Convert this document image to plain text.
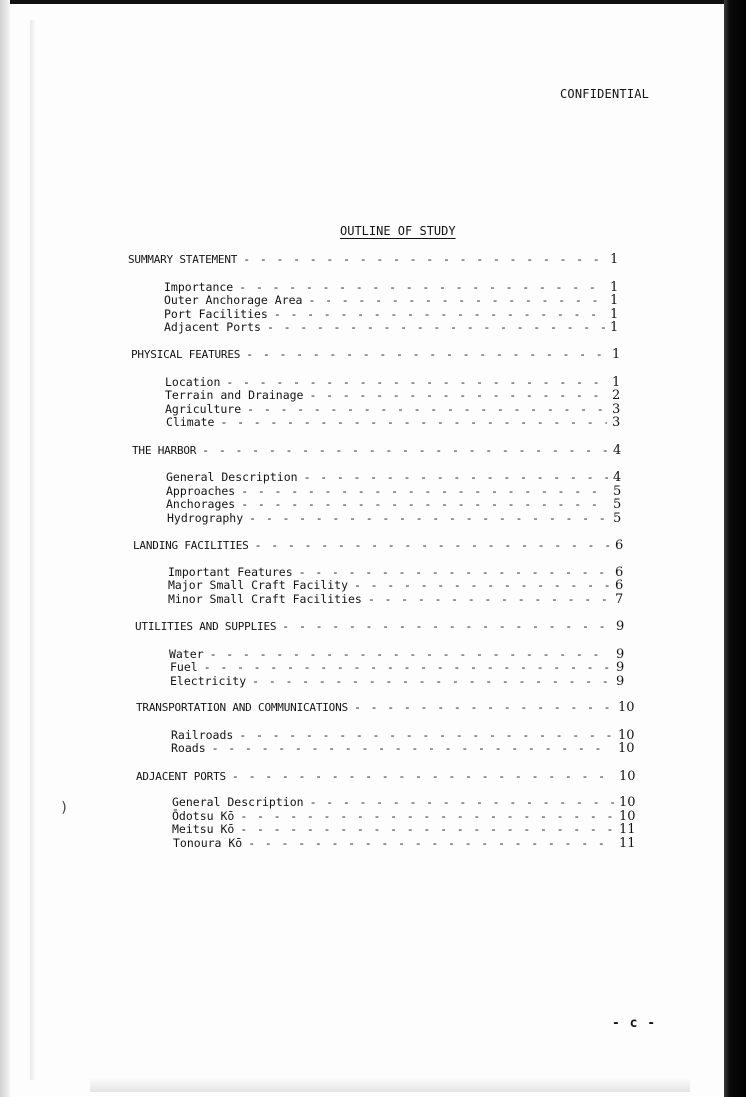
CONFIDENTIAL
OUTLINE OF STUDY
SUMMARY STATEMENT - - -	1
Importance - - -	1
Outer Anchorage Area - - -	1
Port Facilities - - -	1
Adjacent Ports - - -	1
PHYSICAL FEATURES - - -	1
Location - - -	1
Terrain and Drainage - - -	2
Agriculture - - -	3
Climate - - -	3
THE HARBOR - - -	4
General Description - - -	4
Approaches - - -	5
Anchorages - - -	5
Hydrography - - -	5
LANDING FACILITIES - - -	6
Important Features - - -	6
Major Small Craft Facility - - -	6
Minor Small Craft Facilities - - -	7
UTILITIES AND SUPPLIES - - -	9
Water - - -	9
Fuel - - -	9
Electricity - - -	9
TRANSPORTATION AND COMMUNICATIONS - - -	10
Railroads - - -	10
Roads - - -	10
ADJACENT PORTS - - -	10
General Description - - -	10
Ōdotsu Kō - - -	10
Meitsu Kō - - -	11
Tonoura Kō - - -	11
)
- c -
